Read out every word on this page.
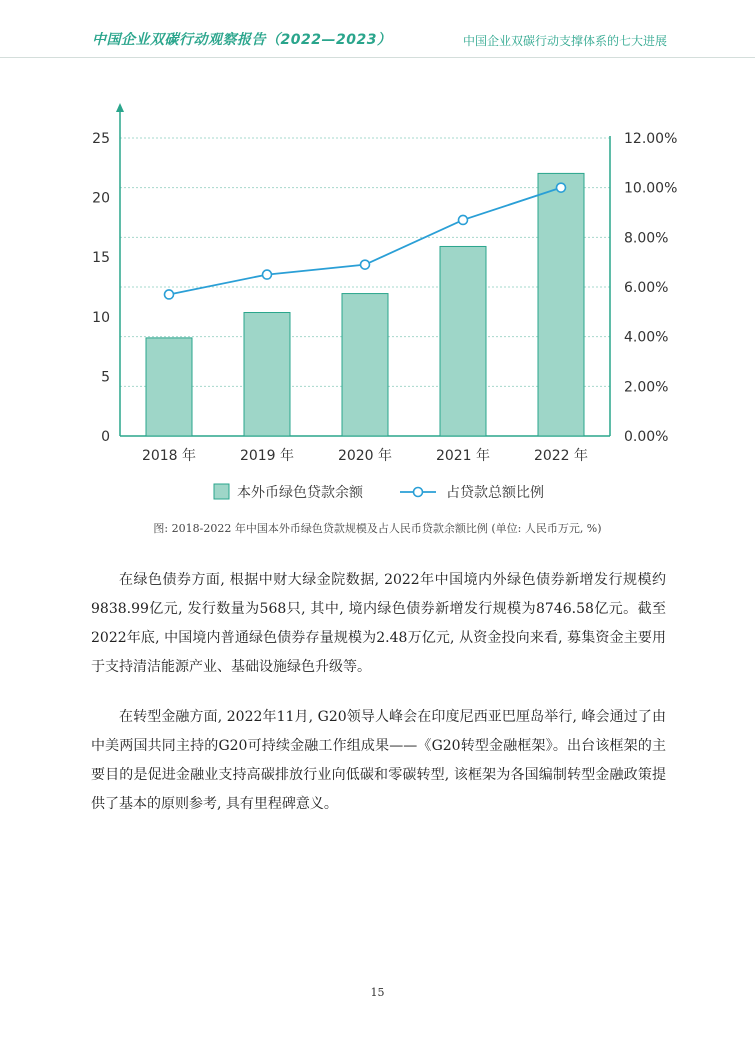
中国企业双碳行动观察报告（2022—2023）	中国企业双碳行动支撑体系的七大进展
0
5
10
15
20
25
0.00%
2.00%
4.00%
6.00%
8.00%
10.00%
12.00%
2018 年	2019 年	2020 年	2021 年	2022 年
本外币绿色贷款余额	占贷款总额比例
图: 2018-2022 年中国本外币绿色贷款规模及占人民币贷款余额比例 (单位: 人民币万元, %)

在绿色债券方面, 根据中财大绿金院数据, 2022年中国境内外绿色债券新增发行规模约9838.99亿元, 发行数量为568只, 其中, 境内绿色债券新增发行规模为8746.58亿元。截至2022年底, 中国境内普通绿色债券存量规模为2.48万亿元, 从资金投向来看, 募集资金主要用于支持清洁能源产业、基础设施绿色升级等。

在转型金融方面, 2022年11月, G20领导人峰会在印度尼西亚巴厘岛举行, 峰会通过了由中美两国共同主持的G20可持续金融工作组成果——《G20转型金融框架》。出台该框架的主要目的是促进金融业支持高碳排放行业向低碳和零碳转型, 该框架为各国编制转型金融政策提供了基本的原则参考, 具有里程碑意义。

15
